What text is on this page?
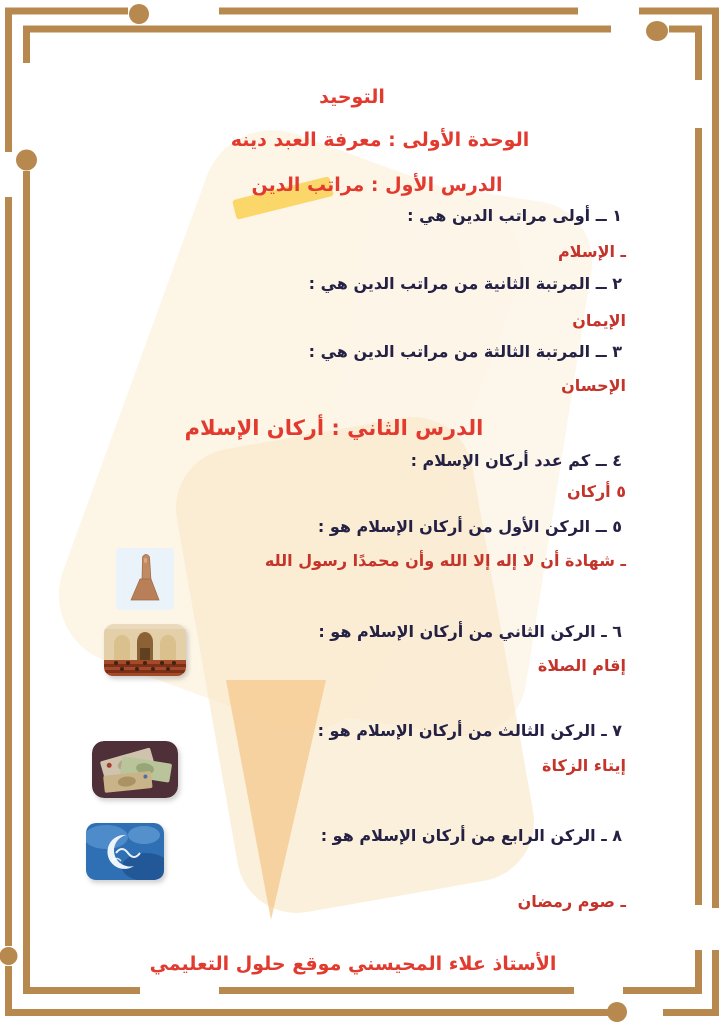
التوحيد
الوحدة الأولى : معرفة العبد دينه
الدرس الأول : مراتب الدين
الدرس الثاني : أركان الإسلام
١ ــ أولى مراتب الدين هي :
ـ الإسلام
٢ ــ المرتبة الثانية من مراتب الدين هي :
الإيمان
٣ ــ المرتبة الثالثة من مراتب الدين هي :
الإحسان
٤ ــ كم عدد أركان الإسلام :
٥ أركان
٥ ــ الركن الأول من أركان الإسلام هو :
ـ شهادة أن لا إله إلا الله وأن محمدًا رسول الله
٦ ـ الركن الثاني من أركان الإسلام هو :
إقام الصلاة
٧ ـ الركن الثالث من أركان الإسلام هو :
إيتاء الزكاة
٨ ـ الركن الرابع من أركان الإسلام هو :
ـ صوم رمضان
الأستاذ علاء المحيسني موقع حلول التعليمي
